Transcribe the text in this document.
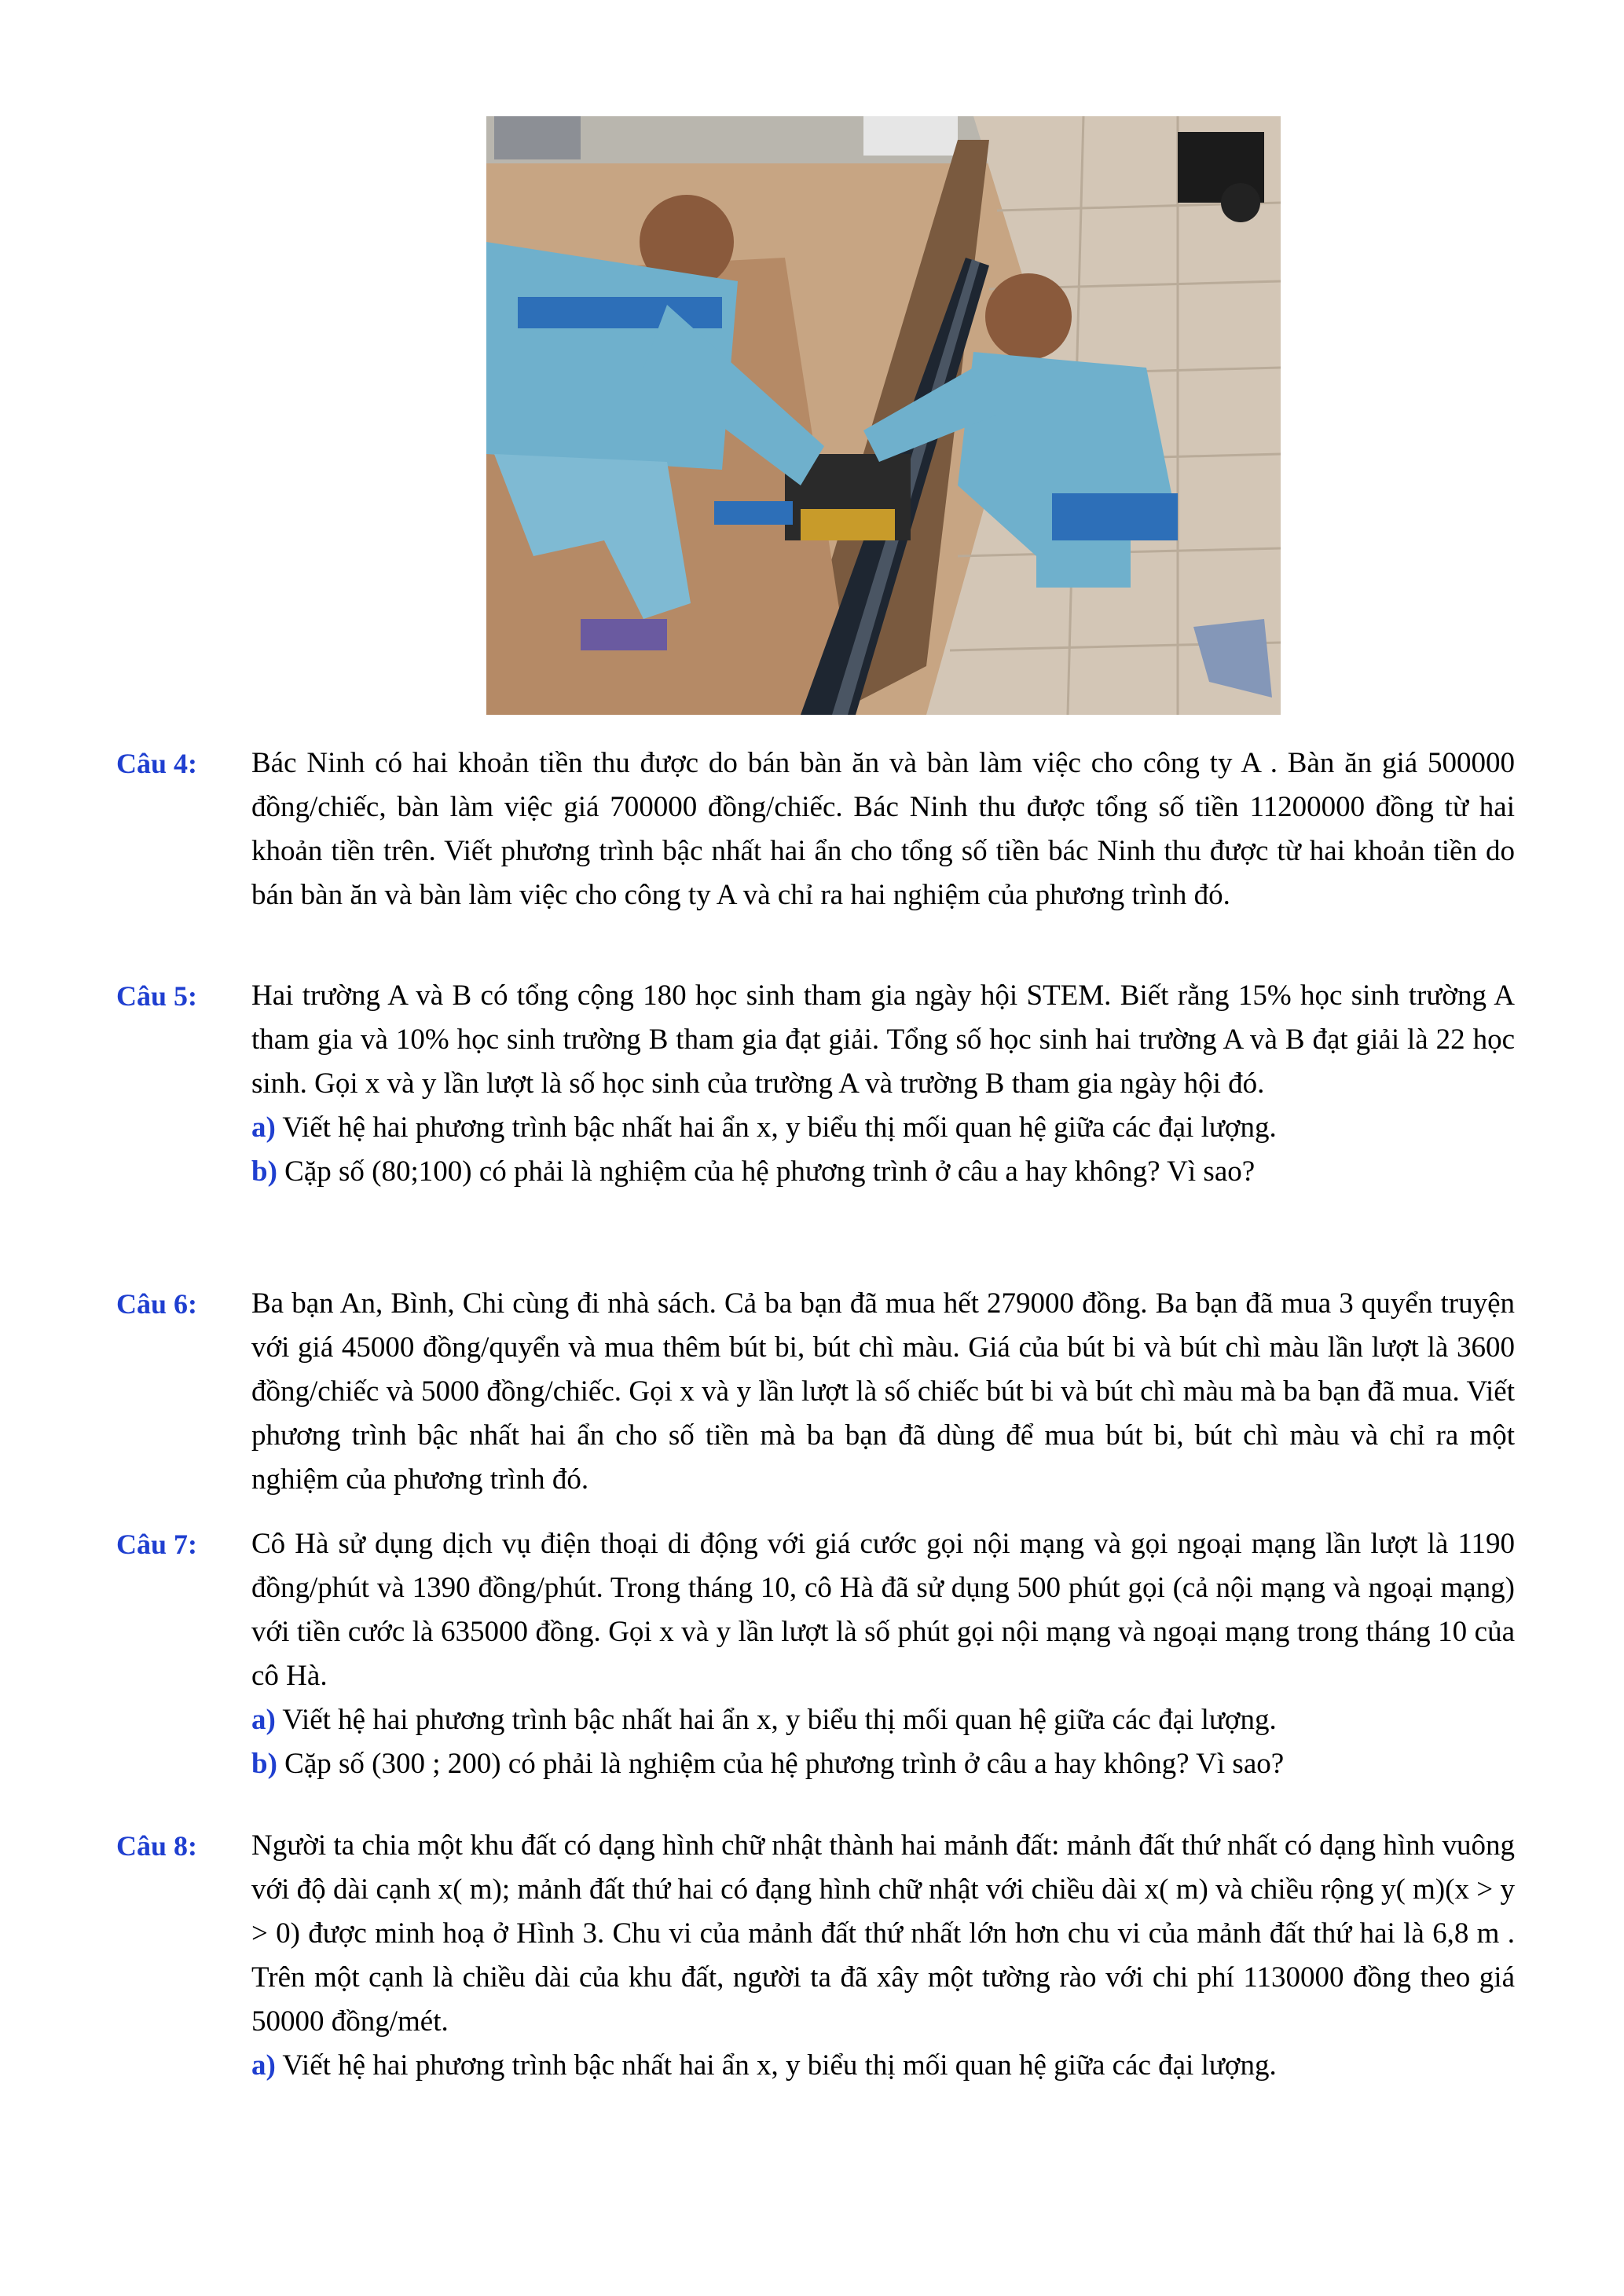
Câu 4: Bác Ninh có hai khoản tiền thu được do bán bàn ăn và bàn làm việc cho công ty A . Bàn ăn giá 500000 đồng/chiếc, bàn làm việc giá 700000 đồng/chiếc. Bác Ninh thu được tổng số tiền 11200000 đồng từ hai khoản tiền trên. Viết phương trình bậc nhất hai ẩn cho tổng số tiền bác Ninh thu được từ hai khoản tiền do bán bàn ăn và bàn làm việc cho công ty A và chỉ ra hai nghiệm của phương trình đó.

Câu 5: Hai trường A và B có tổng cộng 180 học sinh tham gia ngày hội STEM. Biết rằng 15% học sinh trường A tham gia và 10% học sinh trường B tham gia đạt giải. Tổng số học sinh hai trường A và B đạt giải là 22 học sinh. Gọi x và y lần lượt là số học sinh của trường A và trường B tham gia ngày hội đó.

a) Viết hệ hai phương trình bậc nhất hai ẩn x, y biểu thị mối quan hệ giữa các đại lượng.

b) Cặp số (80;100) có phải là nghiệm của hệ phương trình ở câu a hay không? Vì sao?

Câu 6: Ba bạn An, Bình, Chi cùng đi nhà sách. Cả ba bạn đã mua hết 279000 đồng. Ba bạn đã mua 3 quyển truyện với giá 45000 đồng/quyển và mua thêm bút bi, bút chì màu. Giá của bút bi và bút chì màu lần lượt là 3600 đồng/chiếc và 5000 đồng/chiếc. Gọi x và y lần lượt là số chiếc bút bi và bút chì màu mà ba bạn đã mua. Viết phương trình bậc nhất hai ẩn cho số tiền mà ba bạn đã dùng để mua bút bi, bút chì màu và chỉ ra một nghiệm của phương trình đó.

Câu 7: Cô Hà sử dụng dịch vụ điện thoại di động với giá cước gọi nội mạng và gọi ngoại mạng lần lượt là 1190 đồng/phút và 1390 đồng/phút. Trong tháng 10, cô Hà đã sử dụng 500 phút gọi (cả nội mạng và ngoại mạng) với tiền cước là 635000 đồng. Gọi x và y lần lượt là số phút gọi nội mạng và ngoại mạng trong tháng 10 của cô Hà.

a) Viết hệ hai phương trình bậc nhất hai ẩn x, y biểu thị mối quan hệ giữa các đại lượng.

b) Cặp số (300 ; 200) có phải là nghiệm của hệ phương trình ở câu a hay không? Vì sao?

Câu 8: Người ta chia một khu đất có dạng hình chữ nhật thành hai mảnh đất: mảnh đất thứ nhất có dạng hình vuông với độ dài cạnh x( m); mảnh đất thứ hai có đạng hình chữ nhật với chiều dài x( m) và chiều rộng y( m)(x > y > 0) được minh hoạ ở Hình 3. Chu vi của mảnh đất thứ nhất lớn hơn chu vi của mảnh đất thứ hai là 6,8 m . Trên một cạnh là chiều dài của khu đất, người ta đã xây một tường rào với chi phí 1130000 đồng theo giá 50000 đồng/mét.

a) Viết hệ hai phương trình bậc nhất hai ẩn x, y biểu thị mối quan hệ giữa các đại lượng.
